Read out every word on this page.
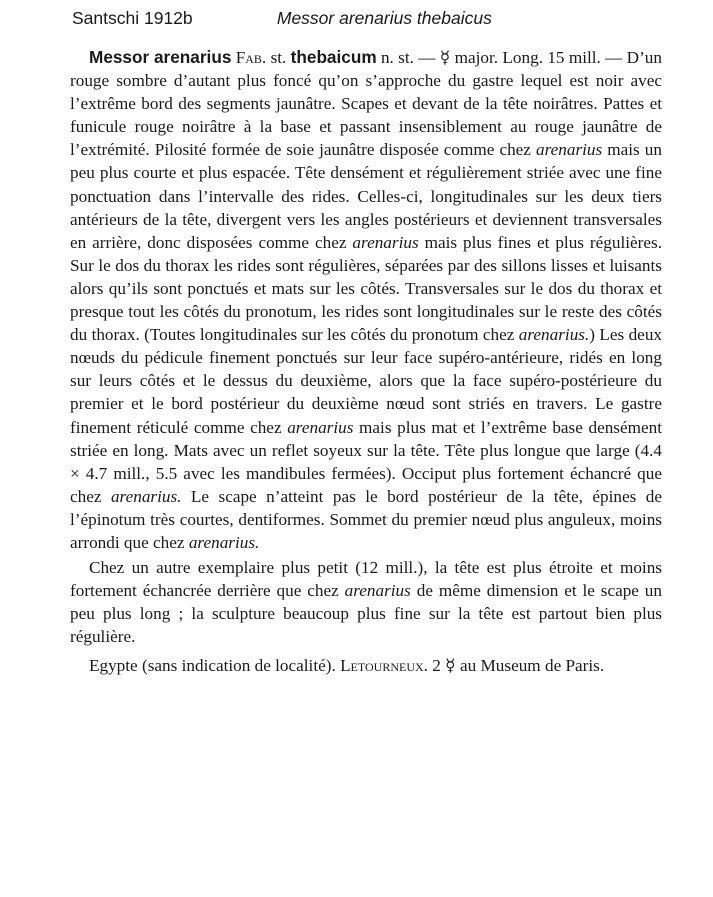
Santschi 1912b	Messor arenarius thebaicus

Messor arenarius Fab. st. thebaicum n. st. — ☿ major. Long. 15 mill. — D’un rouge sombre d’autant plus foncé qu’on s’approche du gastre lequel est noir avec l’extrême bord des segments jaunâtre. Scapes et devant de la tête noirâtres. Pattes et funicule rouge noirâtre à la base et passant insensiblement au rouge jaunâtre de l’extrémité. Pilosité formée de soie jaunâtre disposée comme chez arenarius mais un peu plus courte et plus espacée. Tête densément et régulièrement striée avec une fine ponctuation dans l’intervalle des rides. Celles-ci, longitudinales sur les deux tiers antérieurs de la tête, divergent vers les angles postérieurs et deviennent transversales en arrière, donc disposées comme chez arenarius mais plus fines et plus régulières. Sur le dos du thorax les rides sont régulières, séparées par des sillons lisses et luisants alors qu’ils sont ponctués et mats sur les côtés. Transversales sur le dos du thorax et presque tout les côtés du pronotum, les rides sont longitudinales sur le reste des côtés du thorax. (Toutes longitudinales sur les côtés du pronotum chez arenarius.) Les deux nœuds du pédicule finement ponctués sur leur face supéro-antérieure, ridés en long sur leurs côtés et le dessus du deuxième, alors que la face supéro-postérieure du premier et le bord postérieur du deuxième nœud sont striés en travers. Le gastre finement réticulé comme chez arenarius mais plus mat et l’extrême base densément striée en long. Mats avec un reflet soyeux sur la tête. Tête plus longue que large (4.4 × 4.7 mill., 5.5 avec les mandibules fermées). Occiput plus fortement échancré que chez arenarius. Le scape n’atteint pas le bord postérieur de la tête, épines de l’épinotum très courtes, dentiformes. Sommet du premier nœud plus anguleux, moins arrondi que chez arenarius.

Chez un autre exemplaire plus petit (12 mill.), la tête est plus étroite et moins fortement échancrée derrière que chez arenarius de même dimension et le scape un peu plus long ; la sculpture beaucoup plus fine sur la tête est partout bien plus régulière.

Egypte (sans indication de localité). Letourneux. 2 ☿ au Museum de Paris.
